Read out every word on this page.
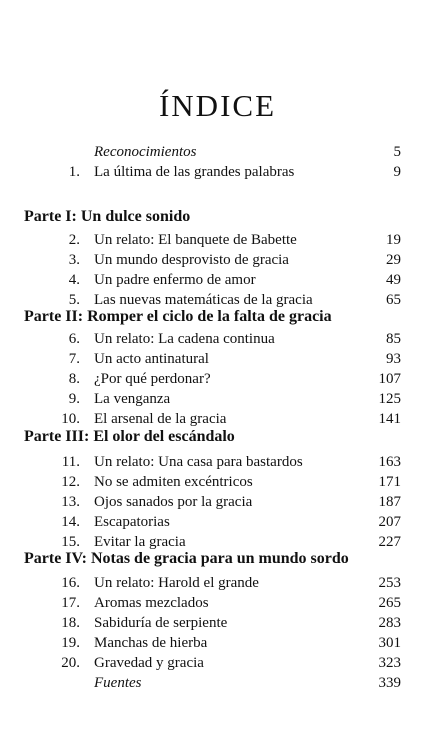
ÍNDICE
Reconocimientos	5
1. La última de las grandes palabras	9
Parte I: Un dulce sonido
2. Un relato: El banquete de Babette	19
3. Un mundo desprovisto de gracia	29
4. Un padre enfermo de amor	49
5. Las nuevas matemáticas de la gracia	65
Parte II: Romper el ciclo de la falta de gracia
6. Un relato: La cadena continua	85
7. Un acto antinatural	93
8. ¿Por qué perdonar?	107
9. La venganza	125
10. El arsenal de la gracia	141
Parte III: El olor del escándalo
11. Un relato: Una casa para bastardos	163
12. No se admiten excéntricos	171
13. Ojos sanados por la gracia	187
14. Escapatorias	207
15. Evitar la gracia	227
Parte IV: Notas de gracia para un mundo sordo
16. Un relato: Harold el grande	253
17. Aromas mezclados	265
18. Sabiduría de serpiente	283
19. Manchas de hierba	301
20. Gravedad y gracia	323
Fuentes	339
